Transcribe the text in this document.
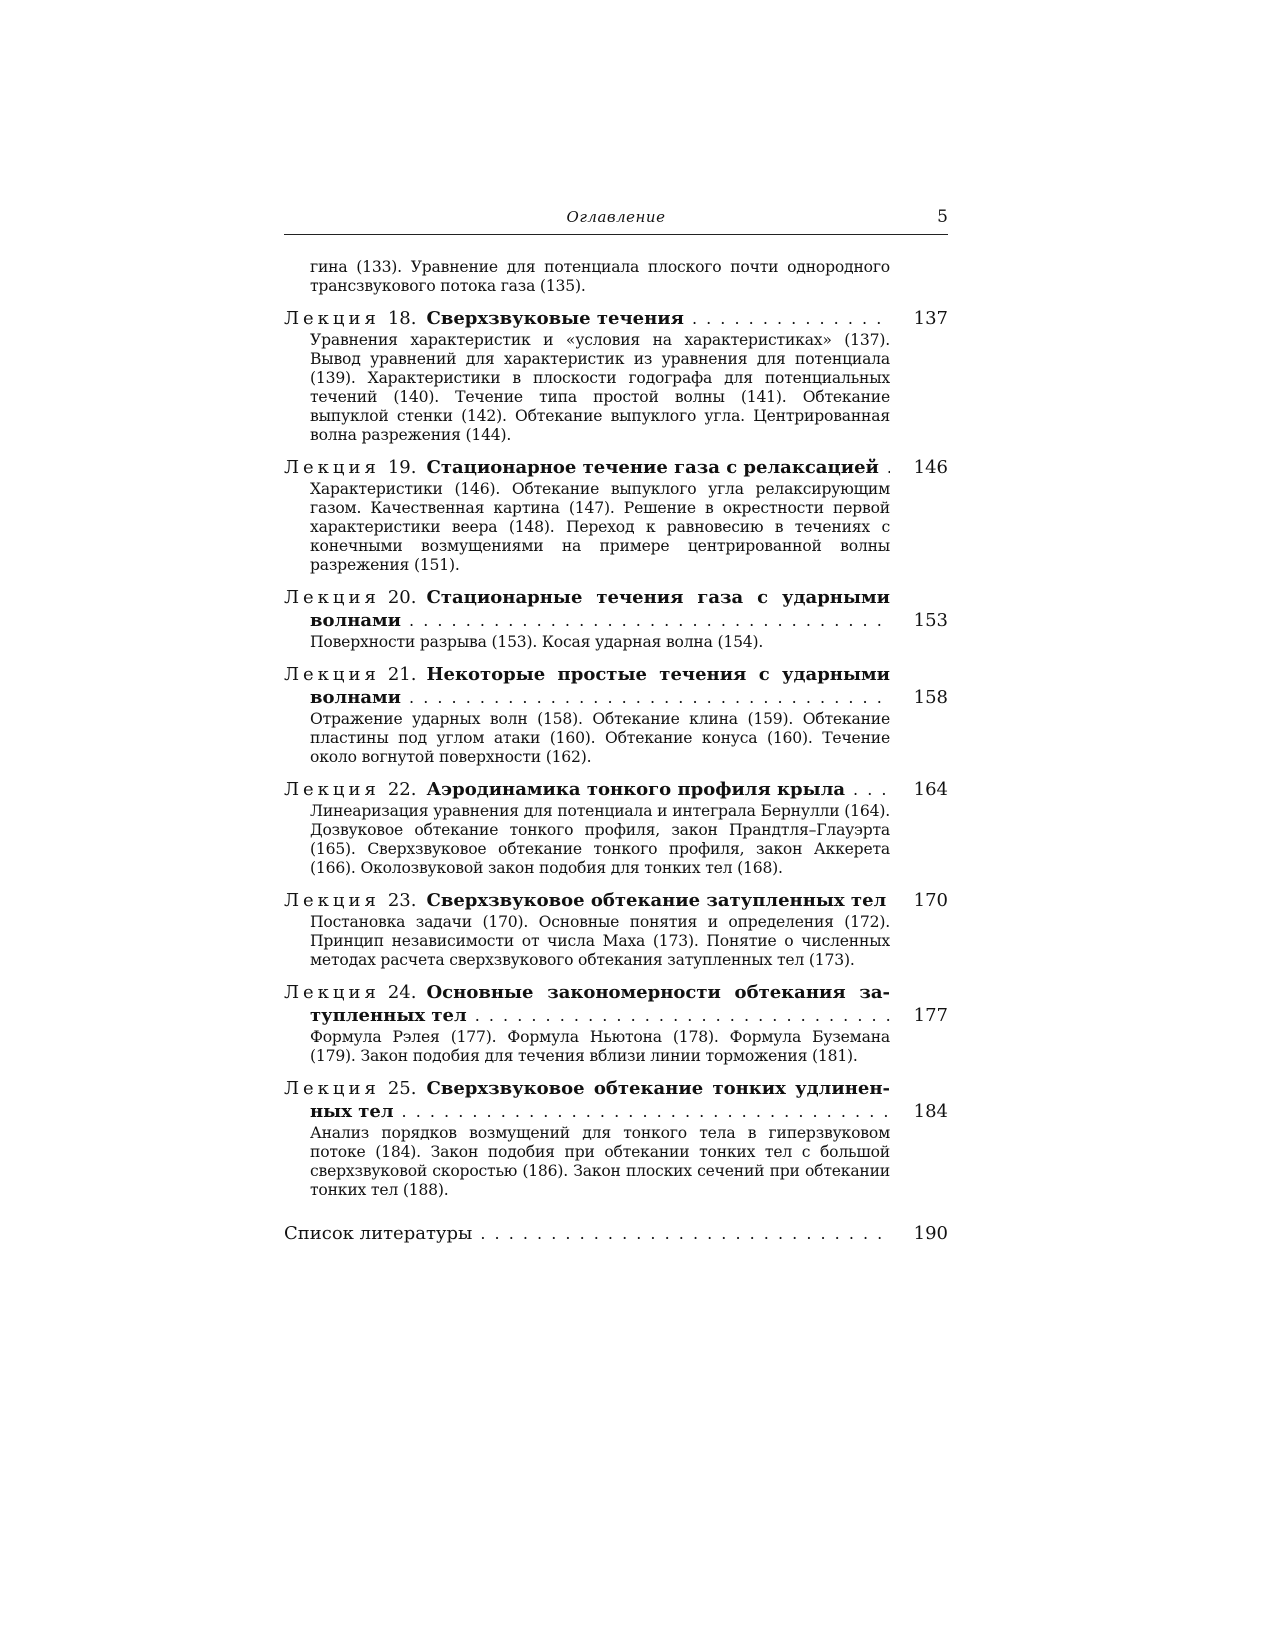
Оглавление	5
гина (133). Уравнение для потенциала плоского почти однородного трансзвукового потока газа (135).
Лекция 18. Сверхзвуковые течения . . .	137
Уравнения характеристик и «условия на характеристиках» (137). Вывод уравнений для характеристик из уравнения для потенциала (139). Характеристики в плоскости годографа для потенциальных течений (140). Течение типа простой волны (141). Обтекание выпуклой стенки (142). Обтекание выпуклого угла. Центрированная волна разрежения (144).
Лекция 19. Стационарное течение газа с релаксацией . . . 146
Характеристики (146). Обтекание выпуклого угла релаксирующим газом. Качественная картина (147). Решение в окрестности первой характеристики веера (148). Переход к равновесию в течениях с конечными возмущениями на примере центрированной волны разрежения (151).
Лекция 20. Стационарные течения газа с ударными
волнами . . .	153
Поверхности разрыва (153). Косая ударная волна (154).
Лекция 21. Некоторые простые течения с ударными
волнами . . .	158
Отражение ударных волн (158). Обтекание клина (159). Обтекание пластины под углом атаки (160). Обтекание конуса (160). Течение около вогнутой поверхности (162).
Лекция 22. Аэродинамика тонкого профиля крыла . . .	164
Линеаризация уравнения для потенциала и интеграла Бернулли (164). Дозвуковое обтекание тонкого профиля, закон Прандтля–Глауэрта (165). Сверхзвуковое обтекание тонкого профиля, закон Аккерета (166). Околозвуковой закон подобия для тонких тел (168).
Лекция 23. Сверхзвуковое обтекание затупленных тел 170
Постановка задачи (170). Основные понятия и определения (172). Принцип независимости от числа Маха (173). Понятие о численных методах расчета сверхзвукового обтекания затупленных тел (173).
Лекция 24. Основные закономерности обтекания за-
тупленных тел . . .	177
Формула Рэлея (177). Формула Ньютона (178). Формула Буземана (179). Закон подобия для течения вблизи линии торможения (181).
Лекция 25. Сверхзвуковое обтекание тонких удлинен-
ных тел . . .	184
Анализ порядков возмущений для тонкого тела в гиперзвуковом потоке (184). Закон подобия при обтекании тонких тел с большой сверхзвуковой скоростью (186). Закон плоских сечений при обтекании тонких тел (188).
Список литературы . . .	190
